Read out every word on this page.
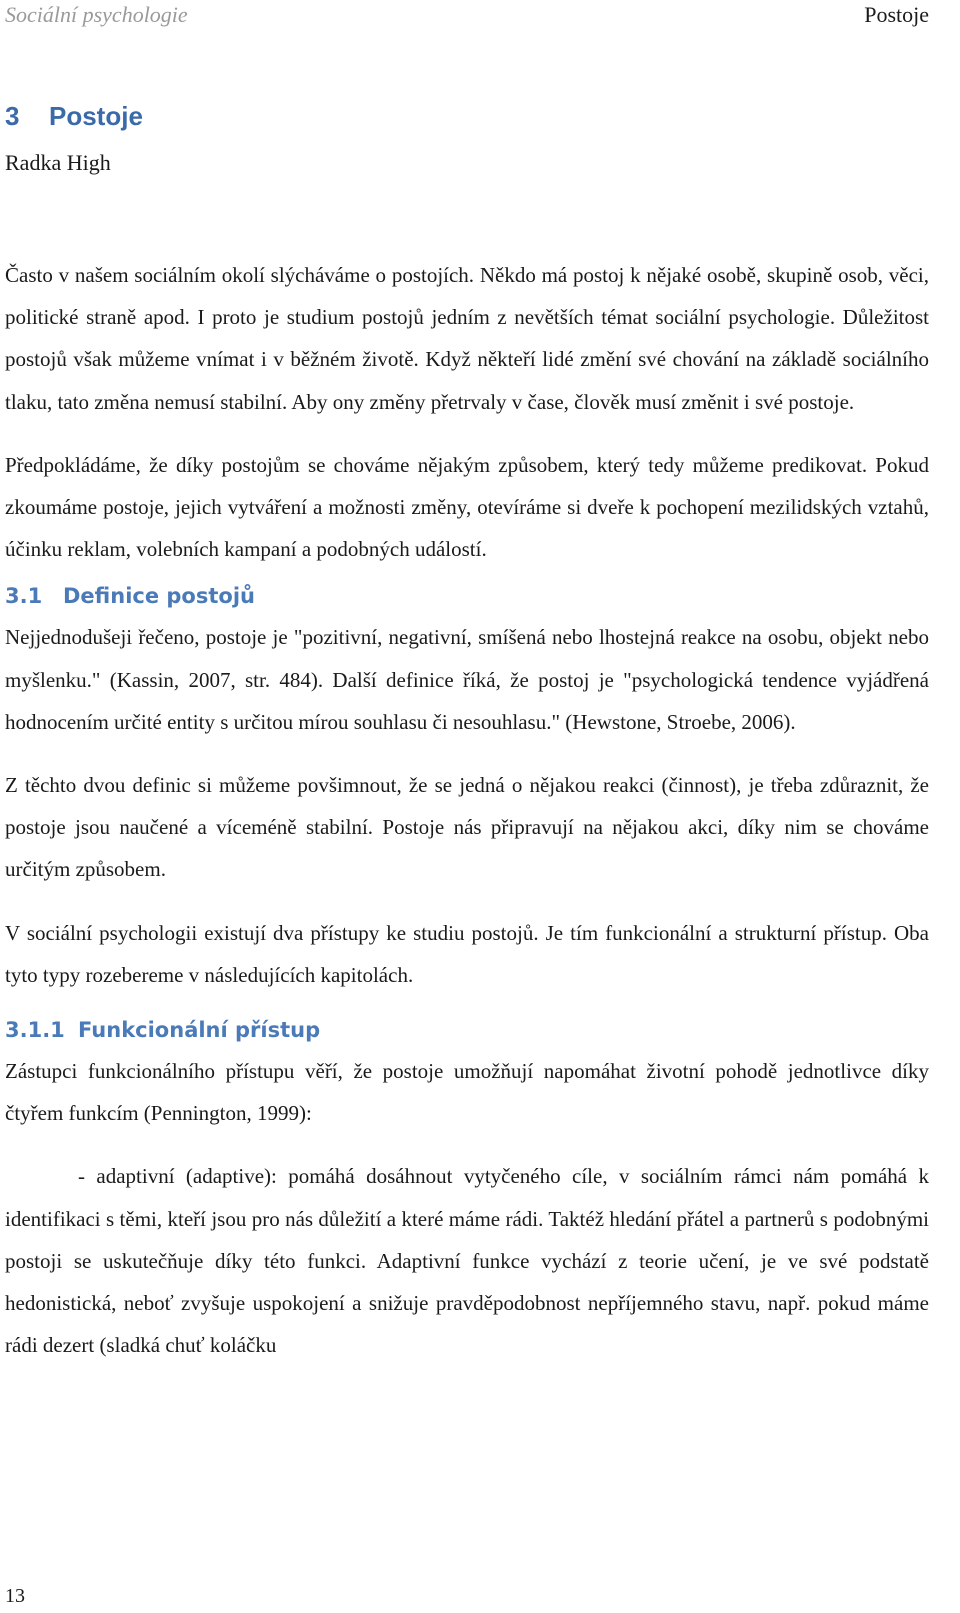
Sociální psychologie	Postoje
3 Postoje
Radka High

Často v našem sociálním okolí slýcháváme o postojích. Někdo má postoj k nějaké osobě, skupině osob, věci, politické straně apod. I proto je studium postojů jedním z nevětších témat sociální psychologie. Důležitost postojů však můžeme vnímat i v běžném životě. Když někteří lidé změní své chování na základě sociálního tlaku, tato změna nemusí stabilní. Aby ony změny přetrvaly v čase, člověk musí změnit i své postoje.

Předpokládáme, že díky postojům se chováme nějakým způsobem, který tedy můžeme predikovat. Pokud zkoumáme postoje, jejich vytváření a možnosti změny, otevíráme si dveře k pochopení mezilidských vztahů, účinku reklam, volebních kampaní a podobných událostí.

3.1 Definice postojů

Nejjednodušeji řečeno, postoje je "pozitivní, negativní, smíšená nebo lhostejná reakce na osobu, objekt nebo myšlenku." (Kassin, 2007, str. 484). Další definice říká, že postoj je "psychologická tendence vyjádřená hodnocením určité entity s určitou mírou souhlasu či nesouhlasu." (Hewstone, Stroebe, 2006).

Z těchto dvou definic si můžeme povšimnout, že se jedná o nějakou reakci (činnost), je třeba zdůraznit, že postoje jsou naučené a víceméně stabilní. Postoje nás připravují na nějakou akci, díky nim se chováme určitým způsobem.

V sociální psychologii existují dva přístupy ke studiu postojů. Je tím funkcionální a strukturní přístup. Oba tyto typy rozebereme v následujících kapitolách.

3.1.1 Funkcionální přístup

Zástupci funkcionálního přístupu věří, že postoje umožňují napomáhat životní pohodě jednotlivce díky čtyřem funkcím (Pennington, 1999):

- adaptivní (adaptive): pomáhá dosáhnout vytyčeného cíle, v sociálním rámci nám pomáhá k identifikaci s těmi, kteří jsou pro nás důležití a které máme rádi. Taktéž hledání přátel a partnerů s podobnými postoji se uskutečňuje díky této funkci. Adaptivní funkce vychází z teorie učení, je ve své podstatě hedonistická, neboť zvyšuje uspokojení a snižuje pravděpodobnost nepříjemného stavu, např. pokud máme rádi dezert (sladká chuť koláčku

13
